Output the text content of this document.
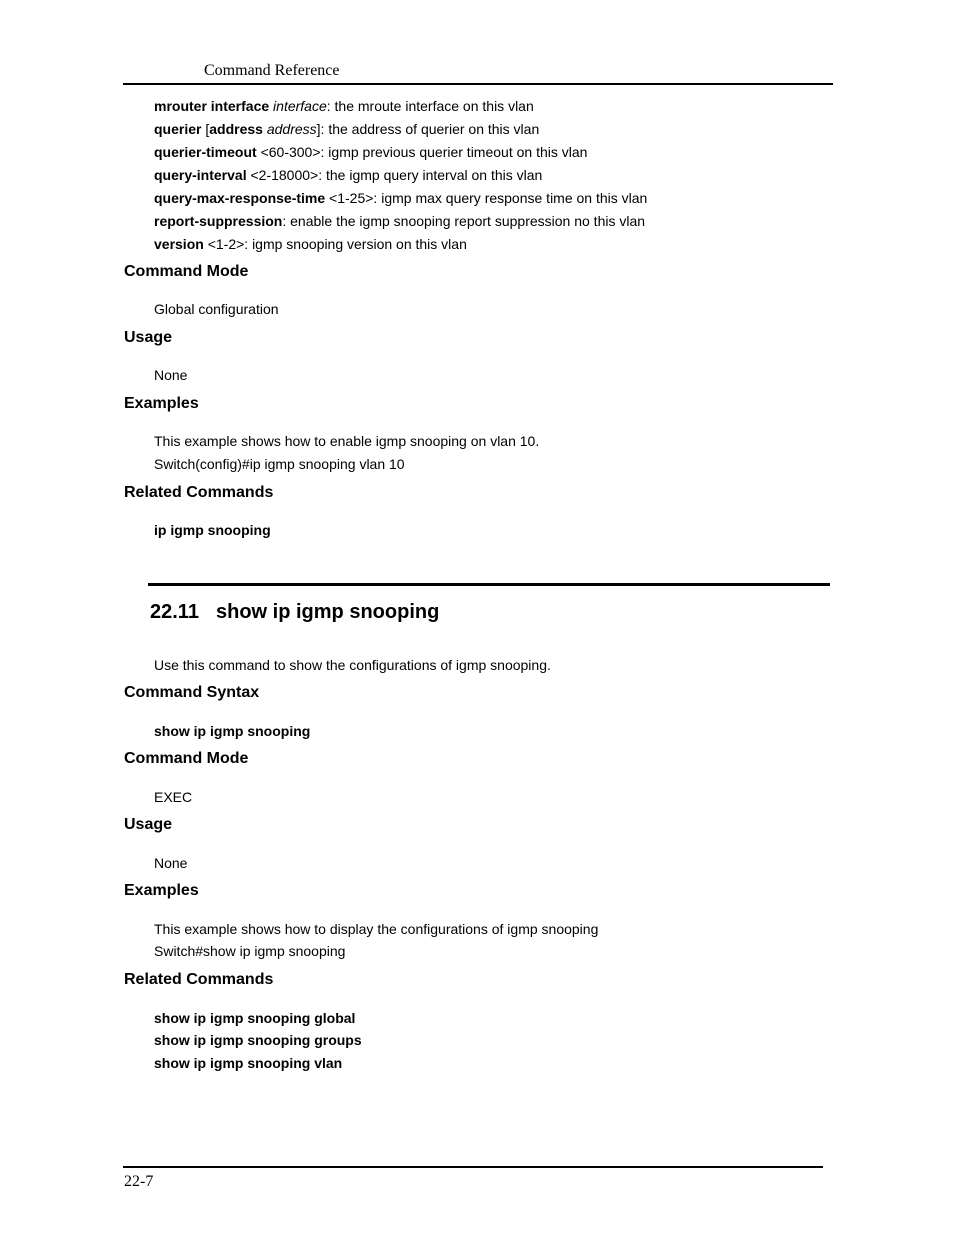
Command Reference
mrouter interface interface: the mroute interface on this vlan
querier [address address]: the address of querier on this vlan
querier-timeout <60-300>: igmp previous querier timeout on this vlan
query-interval <2-18000>: the igmp query interval on this vlan
query-max-response-time <1-25>: igmp max query response time on this vlan
report-suppression: enable the igmp snooping report suppression no this vlan
version <1-2>: igmp snooping version on this vlan
Command Mode
Global configuration
Usage
None
Examples
This example shows how to enable igmp snooping on vlan 10.
Switch(config)#ip igmp snooping vlan 10
Related Commands
ip igmp snooping
22.11 show ip igmp snooping
Use this command to show the configurations of igmp snooping.
Command Syntax
show ip igmp snooping
Command Mode
EXEC
Usage
None
Examples
This example shows how to display the configurations of igmp snooping
Switch#show ip igmp snooping
Related Commands
show ip igmp snooping global
show ip igmp snooping groups
show ip igmp snooping vlan
22-7
